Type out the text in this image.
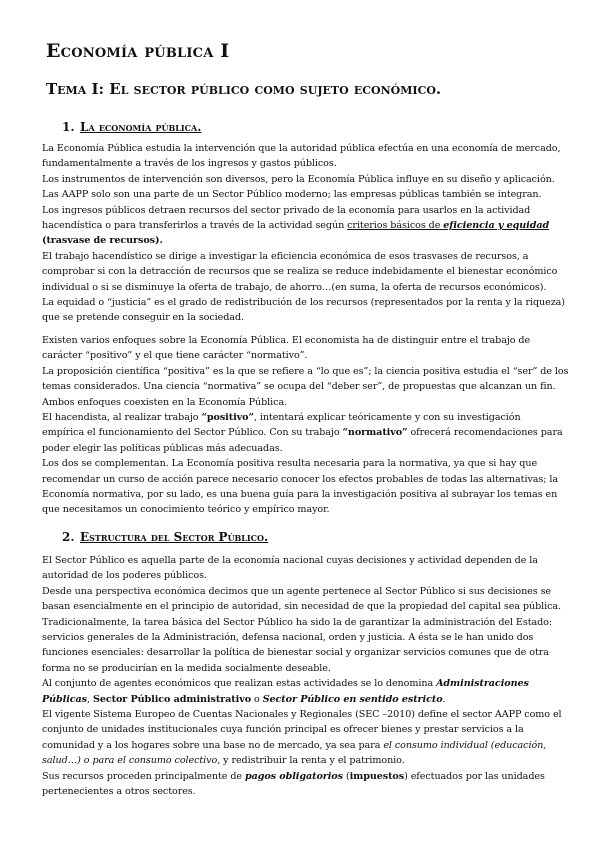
Economía pública I
Tema I: El sector público como sujeto económico.
1. La economía pública.

La Economía Pública estudia la intervención que la autoridad pública efectúa en una economía de mercado,

fundamentalmente a través de los ingresos y gastos públicos.

Los instrumentos de intervención son diversos, pero la Economía Pública influye en su diseño y aplicación.

Las AAPP solo son una parte de un Sector Público moderno; las empresas públicas también se integran.

Los ingresos públicos detraen recursos del sector privado de la economía para usarlos en la actividad

hacendística o para transferirlos a través de la actividad según criterios básicos de eficiencia y equidad

(trasvase de recursos).

El trabajo hacendístico se dirige a investigar la eficiencia económica de esos trasvases de recursos, a

comprobar si con la detracción de recursos que se realiza se reduce indebidamente el bienestar económico

individual o si se disminuye la oferta de trabajo, de ahorro…(en suma, la oferta de recursos económicos).

La equidad o “justicia” es el grado de redistribución de los recursos (representados por la renta y la riqueza)

que se pretende conseguir en la sociedad.

Existen varios enfoques sobre la Economía Pública. El economista ha de distinguir entre el trabajo de

carácter “positivo” y el que tiene carácter “normativo”.

La proposición científica “positiva” es la que se refiere a “lo que es”; la ciencia positiva estudia el “ser” de los

temas considerados. Una ciencia “normativa” se ocupa del “deber ser”, de propuestas que alcanzan un fin.

Ambos enfoques coexisten en la Economía Pública.

El hacendista, al realizar trabajo “positivo”, intentará explicar teóricamente y con su investigación

empírica el funcionamiento del Sector Público. Con su trabajo “normativo” ofrecerá recomendaciones para

poder elegir las políticas públicas más adecuadas.

Los dos se complementan. La Economía positiva resulta necesaria para la normativa, ya que si hay que

recomendar un curso de acción parece necesario conocer los efectos probables de todas las alternativas; la

Economía normativa, por su lado, es una buena guía para la investigación positiva al subrayar los temas en

que necesitamos un conocimiento teórico y empírico mayor.

2. Estructura del Sector Público.

El Sector Público es aquella parte de la economía nacional cuyas decisiones y actividad dependen de la

autoridad de los poderes públicos.

Desde una perspectiva económica decimos que un agente pertenece al Sector Público si sus decisiones se

basan esencialmente en el principio de autoridad, sin necesidad de que la propiedad del capital sea pública.

Tradicionalmente, la tarea básica del Sector Público ha sido la de garantizar la administración del Estado:

servicios generales de la Administración, defensa nacional, orden y justicia. A ésta se le han unido dos

funciones esenciales: desarrollar la política de bienestar social y organizar servicios comunes que de otra

forma no se producirían en la medida socialmente deseable.

Al conjunto de agentes económicos que realizan estas actividades se lo denomina Administraciones

Públicas, Sector Público administrativo o Sector Público en sentido estricto.

El vigente Sistema Europeo de Cuentas Nacionales y Regionales (SEC –2010) define el sector AAPP como el

conjunto de unidades institucionales cuya función principal es ofrecer bienes y prestar servicios a la

comunidad y a los hogares sobre una base no de mercado, ya sea para el consumo individual (educación,

salud…) o para el consumo colectivo, y redistribuir la renta y el patrimonio.

Sus recursos proceden principalmente de pagos obligatorios (impuestos) efectuados por las unidades

pertenecientes a otros sectores.
